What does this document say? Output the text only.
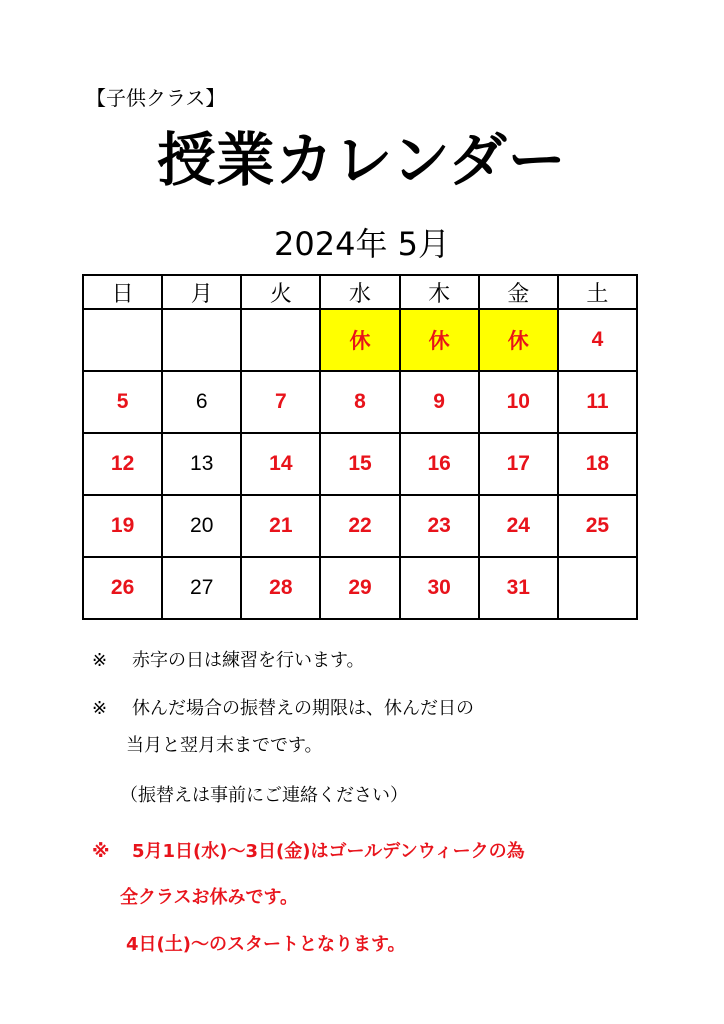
【子供クラス】
授業カレンダー
2024年 5月
日	月	火	水	木	金	土
			休	休	休	4
5	6	7	8	9	10	11
12	13	14	15	16	17	18
19	20	21	22	23	24	25
26	27	28	29	30	31	
※ 赤字の日は練習を行います。
※ 休んだ場合の振替えの期限は、休んだ日の
当月と翌月末までです。
（振替えは事前にご連絡ください）
※ 5月1日(水)～3日(金)はゴールデンウィークの為
全クラスお休みです。
4日(土)～のスタートとなります。
